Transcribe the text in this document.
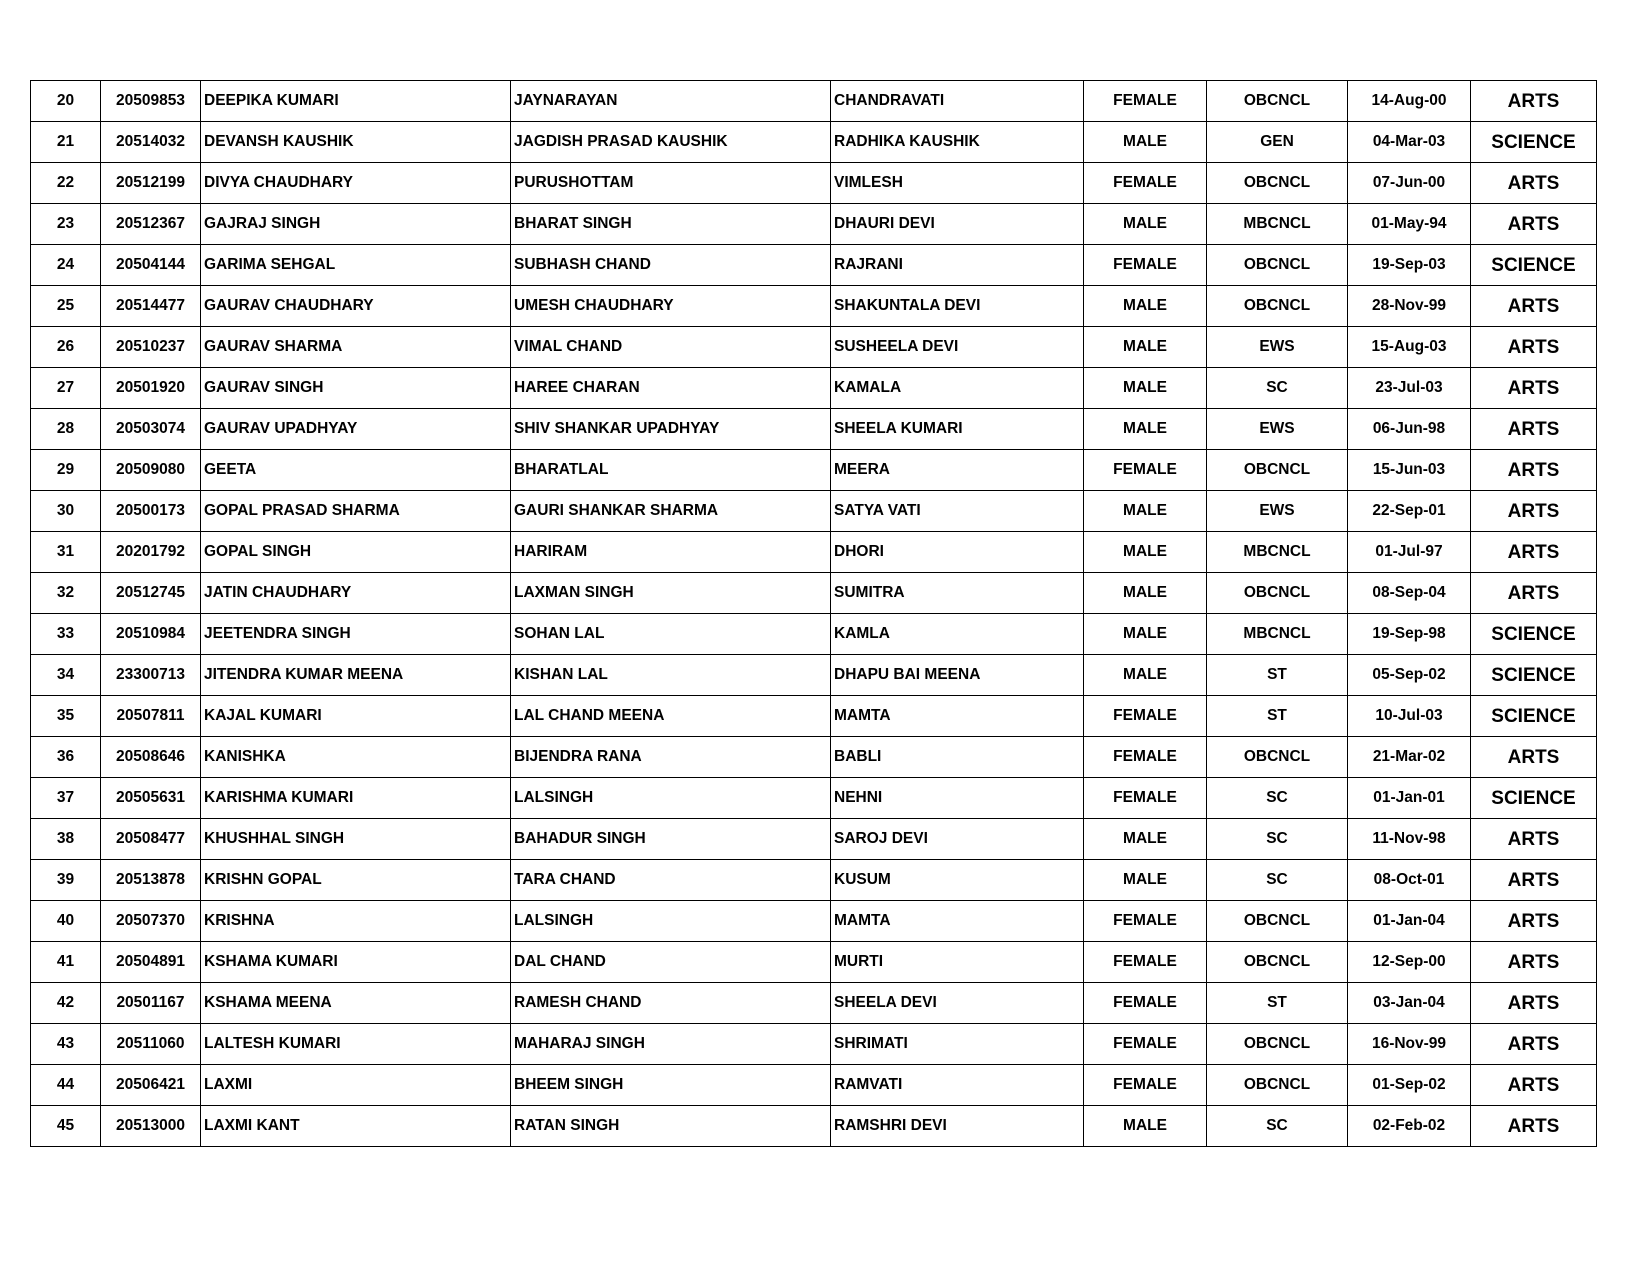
20	20509853	DEEPIKA KUMARI	JAYNARAYAN	CHANDRAVATI	FEMALE	OBCNCL	14-Aug-00	ARTS
21	20514032	DEVANSH KAUSHIK	JAGDISH PRASAD KAUSHIK	RADHIKA KAUSHIK	MALE	GEN	04-Mar-03	SCIENCE
22	20512199	DIVYA CHAUDHARY	PURUSHOTTAM	VIMLESH	FEMALE	OBCNCL	07-Jun-00	ARTS
23	20512367	GAJRAJ SINGH	BHARAT SINGH	DHAURI DEVI	MALE	MBCNCL	01-May-94	ARTS
24	20504144	GARIMA SEHGAL	SUBHASH CHAND	RAJRANI	FEMALE	OBCNCL	19-Sep-03	SCIENCE
25	20514477	GAURAV CHAUDHARY	UMESH CHAUDHARY	SHAKUNTALA DEVI	MALE	OBCNCL	28-Nov-99	ARTS
26	20510237	GAURAV SHARMA	VIMAL CHAND	SUSHEELA DEVI	MALE	EWS	15-Aug-03	ARTS
27	20501920	GAURAV SINGH	HAREE CHARAN	KAMALA	MALE	SC	23-Jul-03	ARTS
28	20503074	GAURAV UPADHYAY	SHIV SHANKAR UPADHYAY	SHEELA KUMARI	MALE	EWS	06-Jun-98	ARTS
29	20509080	GEETA	BHARATLAL	MEERA	FEMALE	OBCNCL	15-Jun-03	ARTS
30	20500173	GOPAL PRASAD SHARMA	GAURI SHANKAR SHARMA	SATYA VATI	MALE	EWS	22-Sep-01	ARTS
31	20201792	GOPAL SINGH	HARIRAM	DHORI	MALE	MBCNCL	01-Jul-97	ARTS
32	20512745	JATIN CHAUDHARY	LAXMAN SINGH	SUMITRA	MALE	OBCNCL	08-Sep-04	ARTS
33	20510984	JEETENDRA SINGH	SOHAN LAL	KAMLA	MALE	MBCNCL	19-Sep-98	SCIENCE
34	23300713	JITENDRA KUMAR MEENA	KISHAN LAL	DHAPU BAI MEENA	MALE	ST	05-Sep-02	SCIENCE
35	20507811	KAJAL KUMARI	LAL CHAND MEENA	MAMTA	FEMALE	ST	10-Jul-03	SCIENCE
36	20508646	KANISHKA	BIJENDRA RANA	BABLI	FEMALE	OBCNCL	21-Mar-02	ARTS
37	20505631	KARISHMA KUMARI	LALSINGH	NEHNI	FEMALE	SC	01-Jan-01	SCIENCE
38	20508477	KHUSHHAL SINGH	BAHADUR SINGH	SAROJ DEVI	MALE	SC	11-Nov-98	ARTS
39	20513878	KRISHN GOPAL	TARA CHAND	KUSUM	MALE	SC	08-Oct-01	ARTS
40	20507370	KRISHNA	LALSINGH	MAMTA	FEMALE	OBCNCL	01-Jan-04	ARTS
41	20504891	KSHAMA KUMARI	DAL CHAND	MURTI	FEMALE	OBCNCL	12-Sep-00	ARTS
42	20501167	KSHAMA MEENA	RAMESH CHAND	SHEELA DEVI	FEMALE	ST	03-Jan-04	ARTS
43	20511060	LALTESH KUMARI	MAHARAJ SINGH	SHRIMATI	FEMALE	OBCNCL	16-Nov-99	ARTS
44	20506421	LAXMI	BHEEM SINGH	RAMVATI	FEMALE	OBCNCL	01-Sep-02	ARTS
45	20513000	LAXMI KANT	RATAN SINGH	RAMSHRI DEVI	MALE	SC	02-Feb-02	ARTS
